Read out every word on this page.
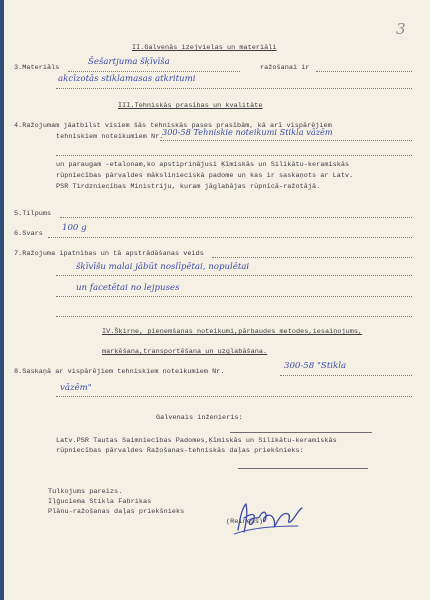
3
II.Galvenās izejvielas un materiāli
3.Materiāls
Šešartjuma šķīvīša
ražošanai ir
akcīzotās stiklamasas atkritumi
III.Tehniskās prasības un kvalitāte
4.Ražojumam jāatbilst visiem šās tehniskās pases prasībām, kā arī vispārējiem
tehniskiem noteikumiem Nr.
300-58 Tehniskie noteikumi Stikla vāzēm
un paraugam -etalonam,ko apstiprinājusi Ķīmiskās un Silikātu-keramiskās
rūpniecības pārvaldes mākslinieciskā padome un kas ir saskaņots ar Latv.
PSR Tirdzniecības Ministriju, kuram jāglabājas rūpnīcā-ražotājā.
5.Tilpums
6.Svars
100 g
7.Ražojuma īpatnības un tā apstrādāšanas veids
šķīvīšu malai jābūt noslīpētai, nopulētai
un facetētai no lejpuses
IV.Šķirne, pieņemšanas noteikumi,pārbaudes metodes,iesaiņojums,
marķēšana,transportēšana un uzglabāšana.
8.Saskaņā ar vispārējiem tehniskiem noteikumiem Nr.
300-58 "Stikla
vāzēm"
Galvenais inženieris:
Latv.PSR Tautas Saimniecības Padomes,Ķīmiskās un Silikātu-keramiskās
rūpniecības pārvaldes Ražošanas-tehniskās daļas priekšnieks:
Tulkojums pareizs.
Iļģuciema Stikla Fabrikas
Plānu-ražošanas daļas priekšnieks
(Reiness)
